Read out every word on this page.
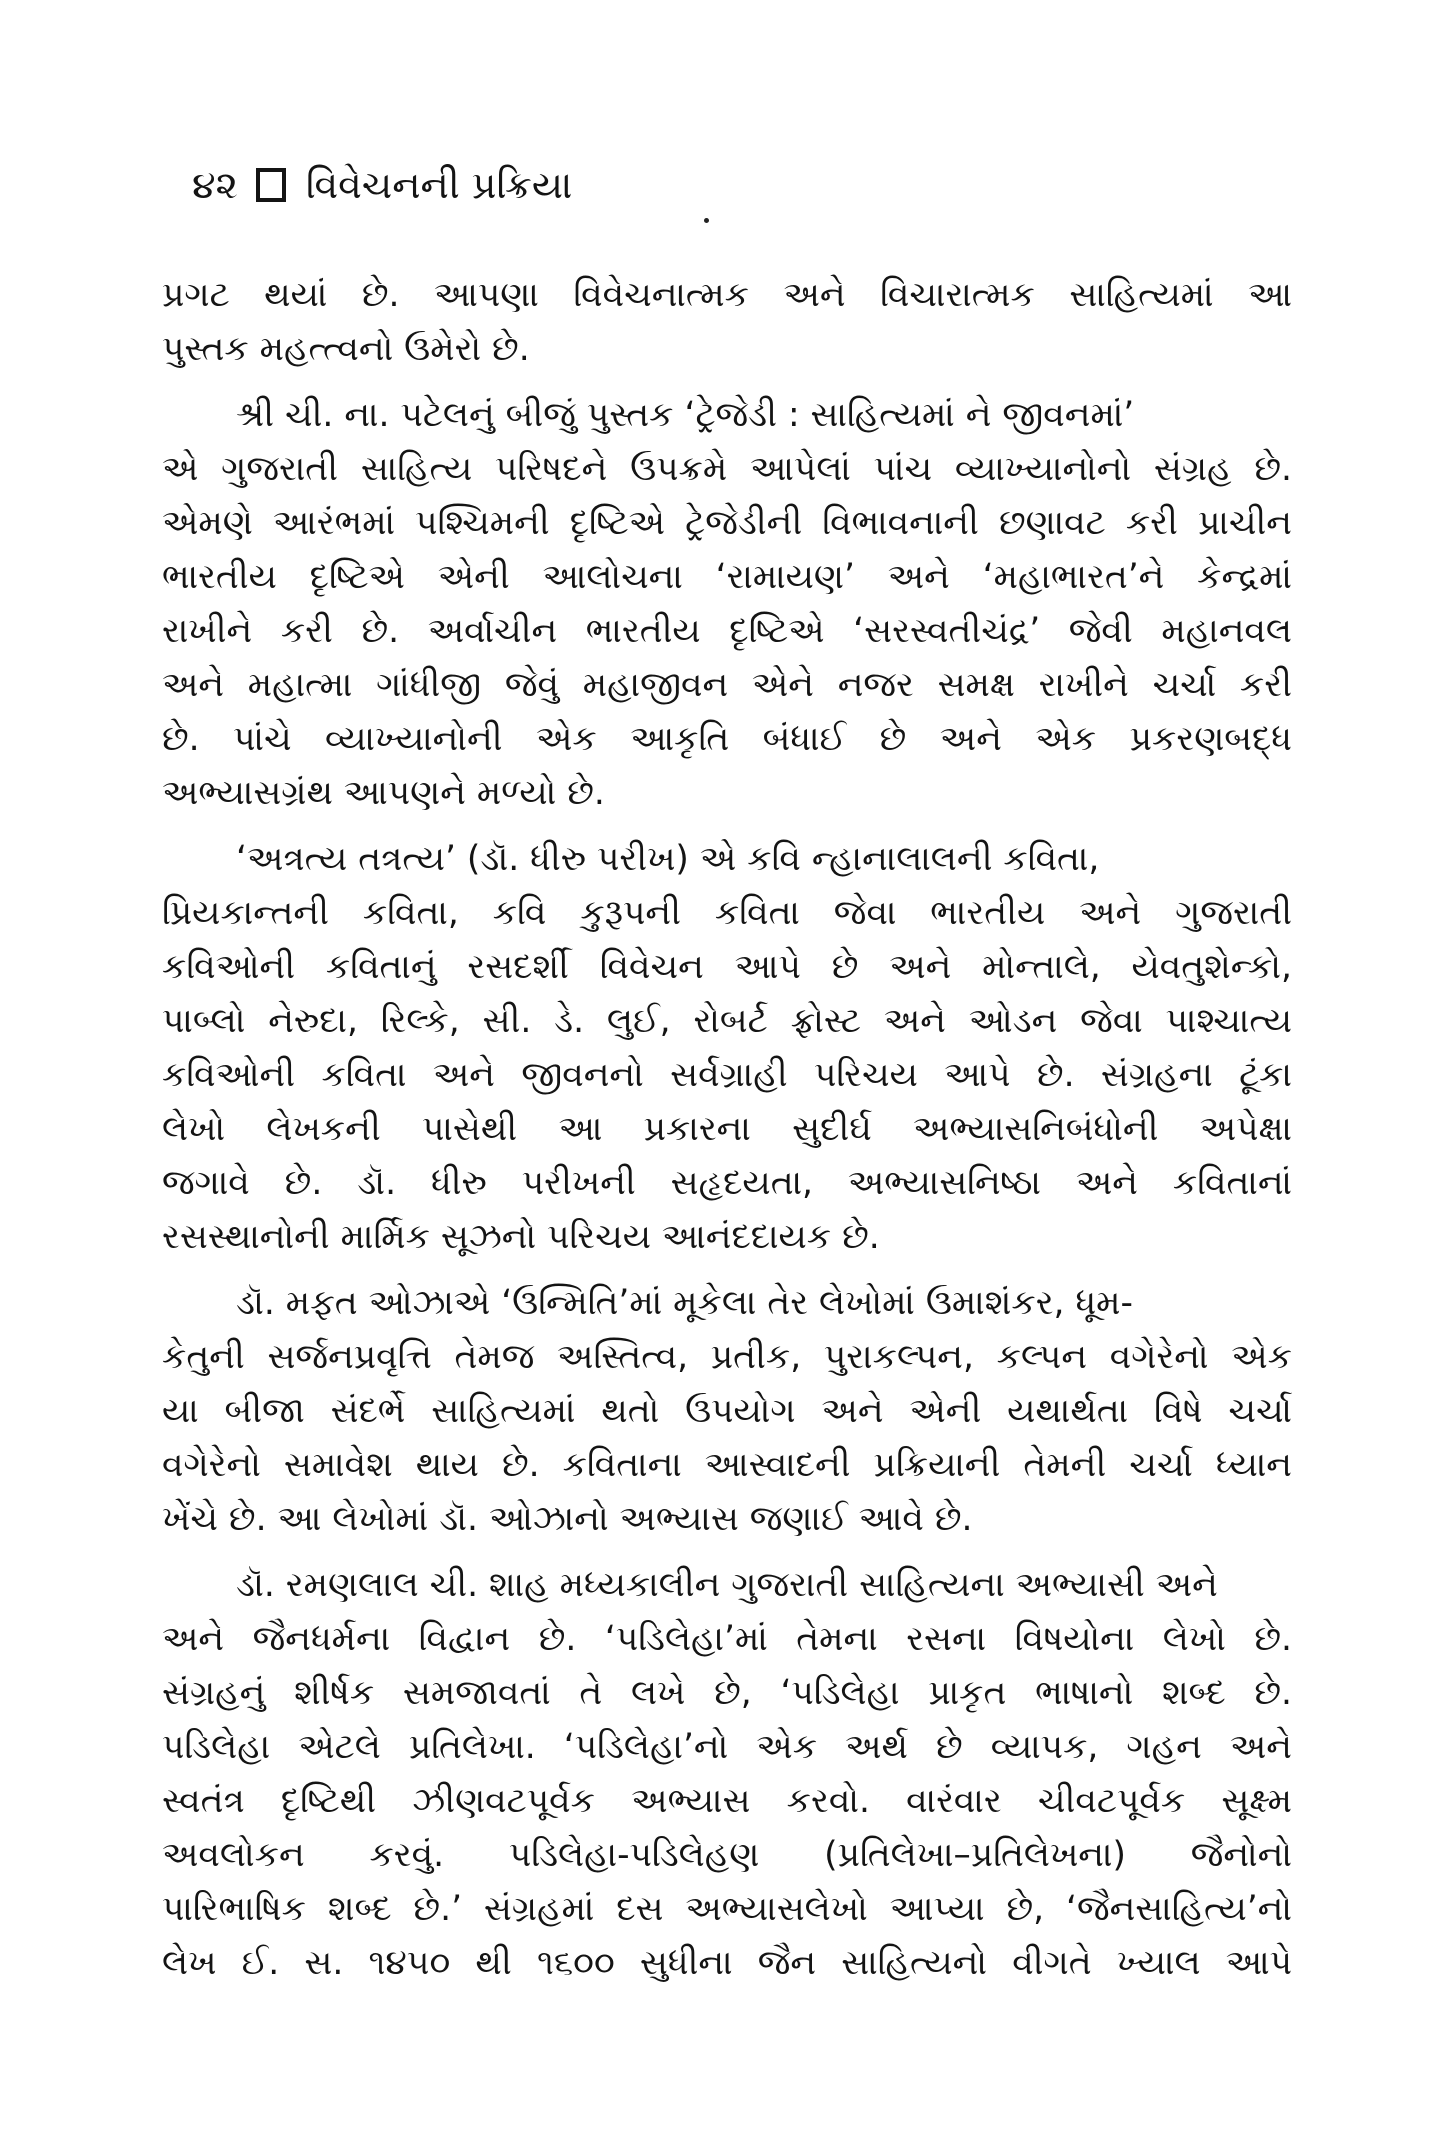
૪૨ વિવેચનની પ્રક્રિયા
પ્રગટ થયાં છે. આપણા વિવેચનાત્મક અને વિચારાત્મક સાહિત્યમાં આ
પુસ્તક મહત્ત્વનો ઉમેરો છે.
શ્રી ચી. ના. પટેલનું બીજું પુસ્તક ‘ટ્રેજેડી : સાહિત્યમાં ને જીવનમાં’
એ ગુજરાતી સાહિત્ય પરિષદને ઉપક્રમે આપેલાં પાંચ વ્યાખ્યાનોનો સંગ્રહ છે.
એમણે આરંભમાં પશ્ચિમની દૃષ્ટિએ ટ્રેજેડીની વિભાવનાની છણાવટ કરી પ્રાચીન
ભારતીય દૃષ્ટિએ એની આલોચના ‘રામાયણ’ અને ‘મહાભારત’ને કેન્દ્રમાં
રાખીને કરી છે. અર્વાચીન ભારતીય દૃષ્ટિએ ‘સરસ્વતીચંદ્ર’ જેવી મહાનવલ
અને મહાત્મા ગાંધીજી જેવું મહાજીવન એને નજર સમક્ષ રાખીને ચર્ચા કરી
છે. પાંચે વ્યાખ્યાનોની એક આકૃતિ બંધાઈ છે અને એક પ્રકરણબદ્ધ
અભ્યાસગ્રંથ આપણને મળ્યો છે.
‘અત્રત્ય તત્રત્ય’ (ડૉ. ધીરુ પરીખ) એ કવિ ન્હાનાલાલની કવિતા,
પ્રિયકાન્તની કવિતા, કવિ કુરૂપની કવિતા જેવા ભારતીય અને ગુજરાતી
કવિઓની કવિતાનું રસદર્શી વિવેચન આપે છે અને મોન્તાલે, યેવતુશેન્કો,
પાબ્લો નેરુદા, રિલ્કે, સી. ડે. લુઈ, રોબર્ટ ફ્રોસ્ટ અને ઓડન જેવા પાશ્ચાત્ય
કવિઓની કવિતા અને જીવનનો સર્વગ્રાહી પરિચય આપે છે. સંગ્રહના ટૂંકા
લેખો લેખકની પાસેથી આ પ્રકારના સુદીર્ઘ અભ્યાસનિબંધોની અપેક્ષા
જગાવે છે. ડૉ. ધીરુ પરીખની સહૃદયતા, અભ્યાસનિષ્ઠા અને કવિતાનાં
રસસ્થાનોની માર્મિક સૂઝનો પરિચય આનંદદાયક છે.
ડૉ. મફત ઓઝાએ ‘ઉન્મિતિ’માં મૂકેલા તેર લેખોમાં ઉમાશંકર, ધૂમ-
કેતુની સર્જનપ્રવૃત્તિ તેમજ અસ્તિત્વ, પ્રતીક, પુરાકલ્પન, કલ્પન વગેરેનો એક
યા બીજા સંદર્ભે સાહિત્યમાં થતો ઉપયોગ અને એની યથાર્થતા વિષે ચર્ચા
વગેરેનો સમાવેશ થાય છે. કવિતાના આસ્વાદની પ્રક્રિયાની તેમની ચર્ચા ધ્યાન
ખેંચે છે. આ લેખોમાં ડૉ. ઓઝાનો અભ્યાસ જણાઈ આવે છે.
ડૉ. રમણલાલ ચી. શાહ મધ્યકાલીન ગુજરાતી સાહિત્યના અભ્યાસી અને
અને જૈનધર્મના વિદ્વાન છે. ‘પડિલેહા’માં તેમના રસના વિષયોના લેખો છે.
સંગ્રહનું શીર્ષક સમજાવતાં તે લખે છે, ‘પડિલેહા પ્રાકૃત ભાષાનો શબ્દ છે.
પડિલેહા એટલે પ્રતિલેખા. ‘પડિલેહા’નો એક અર્થ છે વ્યાપક, ગહન અને
સ્વતંત્ર દૃષ્ટિથી ઝીણવટપૂર્વક અભ્યાસ કરવો. વારંવાર ચીવટપૂર્વક સૂક્ષ્મ
અવલોકન કરવું. પડિલેહા-પડિલેહણ (પ્રતિલેખા–પ્રતિલેખના) જૈનોનો
પારિભાષિક શબ્દ છે.’ સંગ્રહમાં દસ અભ્યાસલેખો આપ્યા છે, ‘જૈનસાહિત્ય’નો
લેખ ઈ. સ. ૧૪૫૦ થી ૧૬૦૦ સુધીના જૈન સાહિત્યનો વીગતે ખ્યાલ આપે
